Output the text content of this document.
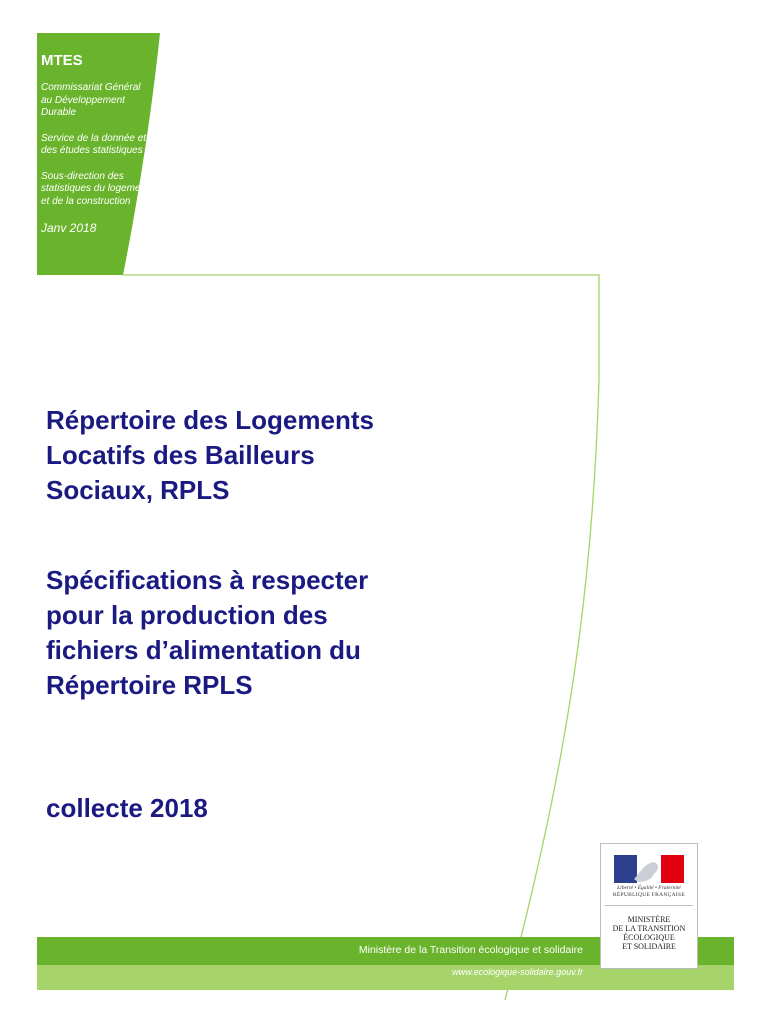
MTES
Commissariat Général au Développement Durable
Service de la donnée et des études statistiques
Sous-direction des statistiques du logement et de la construction
Janv 2018
Répertoire des Logements
Locatifs des Bailleurs
Sociaux, RPLS
Spécifications à respecter
pour la production des
fichiers d’alimentation du
Répertoire RPLS
collecte 2018
Liberté • Égalité • Fraternité
RÉPUBLIQUE FRANÇAISE
MINISTÈRE
DE LA TRANSITION
ÉCOLOGIQUE
ET SOLIDAIRE
Ministère de la Transition écologique et solidaire
www.ecologique-solidaire.gouv.fr
